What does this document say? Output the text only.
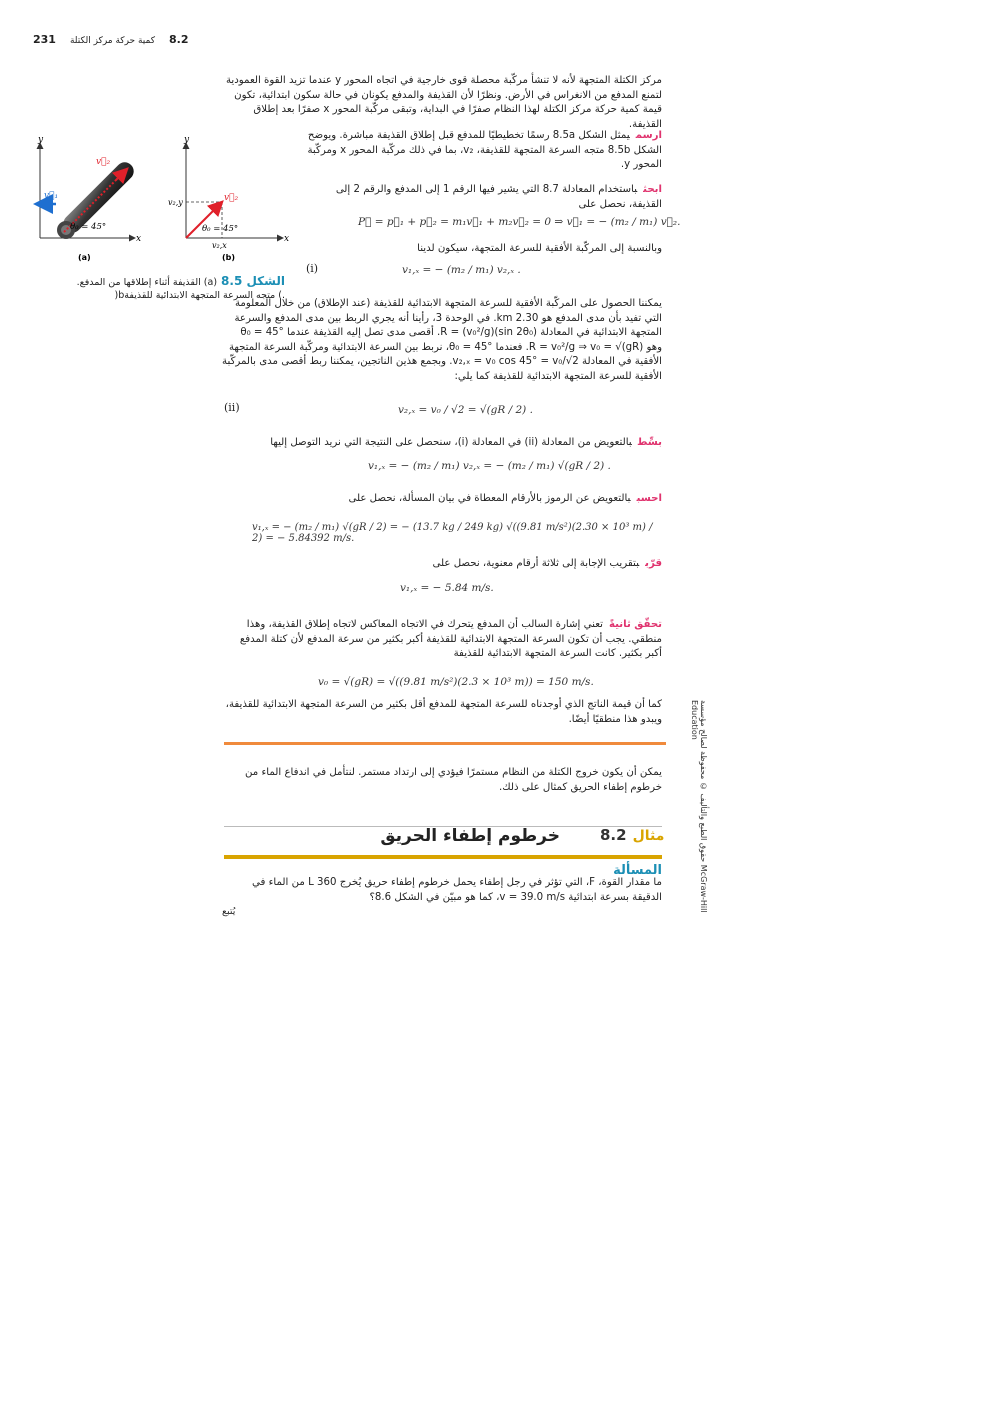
231 كمية حركة مركز الكتلة 8.2
مركز الكتلة المتجهة لأنه لا تنشأ مركّبة محصلة قوى خارجية في اتجاه المحور y عندما تزيد القوة العمودية لتمنع المدفع من الانغراس في الأرض. ونظرًا لأن القذيفة والمدفع يكونان في حالة سكون ابتدائية، تكون قيمة كمية حركة مركز الكتلة لهذا النظام صفرًا في البداية، وتبقى مركّبة المحور x صفرًا بعد إطلاق القذيفة.
ارسميمثل الشكل 8.5a رسمًا تخطيطيًا للمدفع قبل إطلاق القذيفة مباشرة. ويوضح الشكل 8.5b متجه السرعة المتجهة للقذيفة، v₂، بما في ذلك مركّبة المحور x ومركّبة المحور y.
ابحثباستخدام المعادلة 8.7 التي يشير فيها الرقم 1 إلى المدفع والرقم 2 إلى القذيفة، نحصل على
P⃗ = p⃗₁ + p⃗₂ = m₁v⃗₁ + m₂v⃗₂ = 0 ⇒ v⃗₁ = − (m₂ / m₁) v⃗₂.
وبالنسبة إلى المركّبة الأفقية للسرعة المتجهة، سيكون لدينا
v₁,ₓ = − (m₂ / m₁) v₂,ₓ .
(i)
يمكننا الحصول على المركّبة الأفقية للسرعة المتجهة الابتدائية للقذيفة (عند الإطلاق) من خلال المعلومة التي تفيد بأن مدى المدفع هو 2.30 km. في الوحدة 3، رأينا أنه يجري الربط بين مدى المدفع والسرعة المتجهة الابتدائية في المعادلة R = (v₀²/g)(sin 2θ₀). أقصى مدى تصل إليه القذيفة عندما θ₀ = 45° وهو R = v₀²/g ⇒ v₀ = √(gR). فعندما θ₀ = 45°، نربط بين السرعة الابتدائية ومركّبة السرعة المتجهة الأفقية في المعادلة v₂,ₓ = v₀ cos 45° = v₀/√2. وبجمع هذين الناتجين، يمكننا ربط أقصى مدى بالمركّبة الأفقية للسرعة المتجهة الابتدائية للقذيفة كما يلي:
v₂,ₓ = v₀ / √2 = √(gR / 2) .
(ii)
بسِّطبالتعويض من المعادلة (ii) في المعادلة (i)، سنحصل على النتيجة التي نريد التوصل إليها
v₁,ₓ = − (m₂ / m₁) v₂,ₓ = − (m₂ / m₁) √(gR / 2) .
احسببالتعويض عن الرموز بالأرقام المعطاة في بيان المسألة، نحصل على
v₁,ₓ = − (m₂ / m₁) √(gR / 2) = − (13.7 kg / 249 kg) √((9.81 m/s²)(2.30 × 10³ m) / 2) = − 5.84392 m/s.
قرّببتقريب الإجابة إلى ثلاثة أرقام معنوية، نحصل على
v₁,ₓ = − 5.84 m/s.
تحقّق ثانيةًتعني إشارة السالب أن المدفع يتحرك في الاتجاه المعاكس لاتجاه إطلاق القذيفة، وهذا منطقي. يجب أن تكون السرعة المتجهة الابتدائية للقذيفة أكبر بكثير من سرعة المدفع لأن كتلة المدفع أكبر بكثير. كانت السرعة المتجهة الابتدائية للقذيفة
v₀ = √(gR) = √((9.81 m/s²)(2.3 × 10³ m)) = 150 m/s.
كما أن قيمة الناتج الذي أوجدناه للسرعة المتجهة للمدفع أقل بكثير من السرعة المتجهة الابتدائية للقذيفة، ويبدو هذا منطقيًا أيضًا.
يمكن أن يكون خروج الكتلة من النظام مستمرًا فيؤدي إلى ارتداد مستمر. لنتأمل في اندفاع الماء من خرطوم إطفاء الحريق كمثال على ذلك.
خرطوم إطفاء الحريق	مثال
8.2
المسألة
ما مقدار القوة، F، التي تؤثر في رجل إطفاء يحمل خرطوم إطفاء حريق يُخرج 360 L من الماء في الدقيقة بسرعة ابتدائية v = 39.0 m/s، كما هو مبيّن في الشكل 8.6؟
يُتبع
حقوق الطبع والتأليف © محفوظة لصالح مؤسسة McGraw-Hill Education
y
x
v⃗₂
v⃗₁
θ₀ = 45°
(a)
y
x
v⃗₂
v₂,y
v₂,x
θ₀ = 45°
(b)
الشكل 8.5(a) القذيفة أثناء إطلاقها من المدفع.
(b) متجه السرعة المتجهة الابتدائية للقذيفة.
